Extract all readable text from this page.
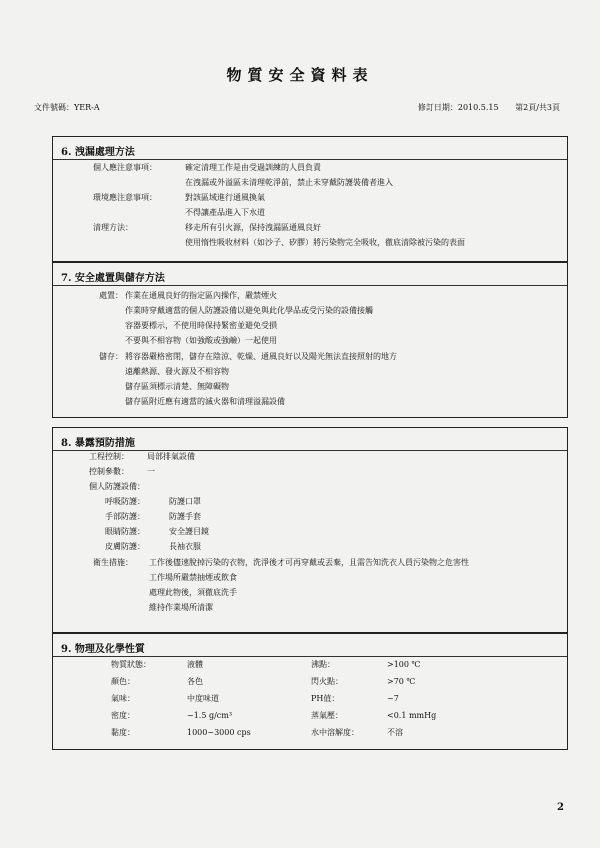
物質安全資料表
文件號碼：YER-A	修訂日期：2010.5.15 第2頁/共3頁
6. 洩漏處理方法
個人應注意事項：	確定清理工作是由受過訓練的人員負責
在洩漏或外溢區未清理乾淨前，禁止未穿戴防護裝備者進入
環境應注意事項：	對該區域進行通風換氣
不得讓產品進入下水道
清理方法：	移走所有引火源，保持洩漏區通風良好
使用惰性吸收材料（如沙子、矽膠）將污染物完全吸收，徹底清除被污染的表面
7. 安全處置與儲存方法
處置： 作業在通風良好的指定區內操作，嚴禁煙火
作業時穿戴適當的個人防護設備以避免與此化學品或受污染的設備接觸
容器要標示，不使用時保持緊密並避免受損
不要與不相容物（如強酸或強鹼）一起使用
儲存： 將容器嚴格密閉，儲存在陰涼、乾燥、通風良好以及陽光無法直接照射的地方
遠離熱源、發火源及不相容物
儲存區須標示清楚、無障礙物
儲存區附近應有適當的滅火器和清理溢漏設備
8. 暴露預防措施
工程控制： 局部排氣設備
控制參數： 一
個人防護設備：
呼吸防護：	防護口罩
手部防護：	防護手套
眼睛防護：	安全護目鏡
皮膚防護：	長袖衣服
衛生措施： 工作後儘速脫掉污染的衣物，洗淨後才可再穿戴或丟棄，且需告知洗衣人員污染物之危害性
工作場所嚴禁抽煙或飲食
處理此物後，須徹底洗手
維持作業場所清潔
9. 物理及化學性質
物質狀態：	液體	沸點：	>100 ℃
顏色：	各色	閃火點：	>70 ℃
氣味：	中度味道	PH值：	~7
密度：	~1.5 g/cm³	蒸氣壓：	<0.1 mmHg
黏度：	1000~3000 cps	水中溶解度：	不溶
2
